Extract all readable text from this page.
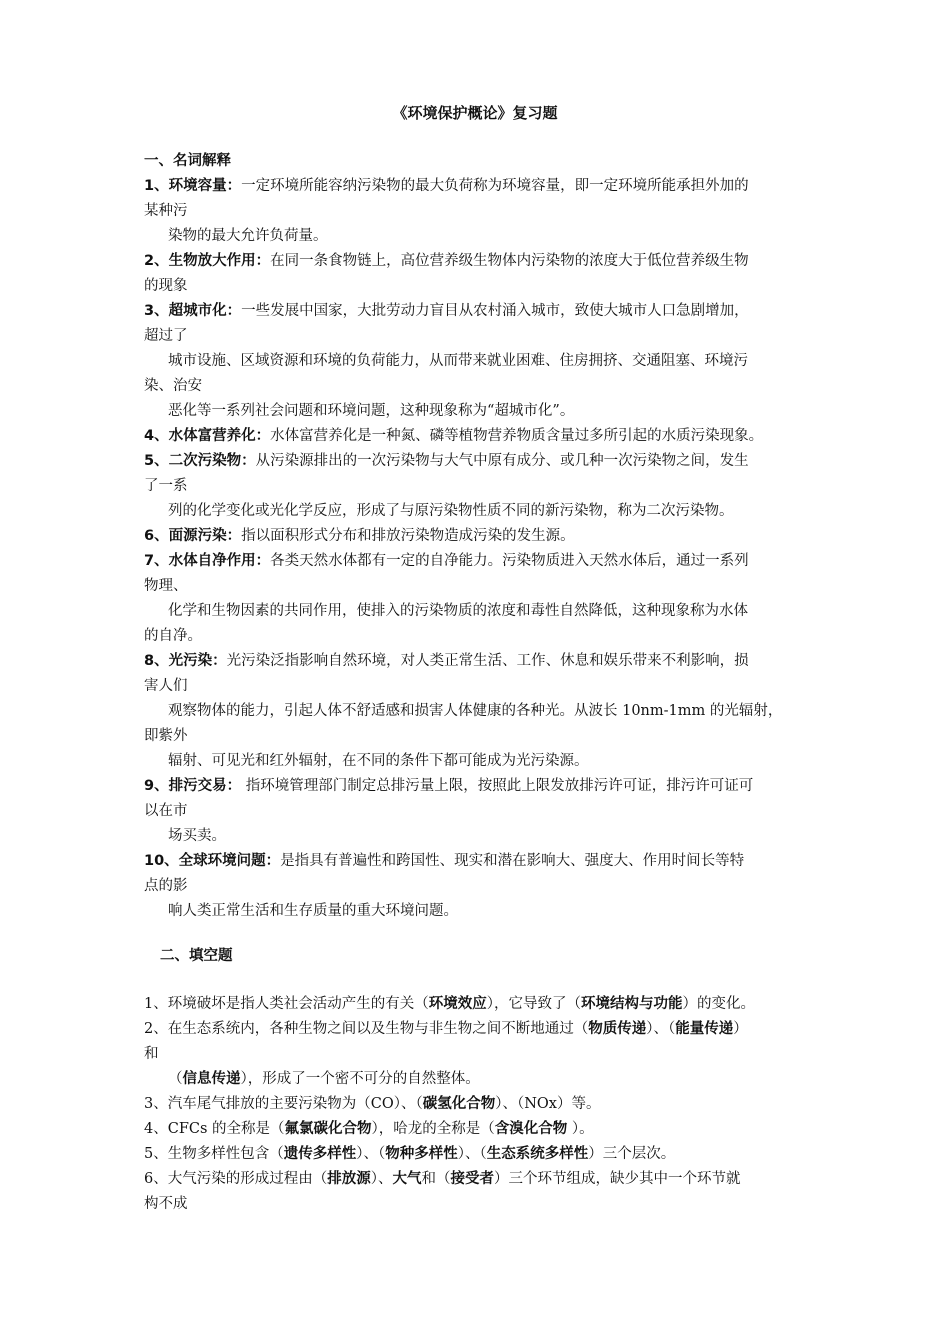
《环境保护概论》复习题
一、名词解释
1、环境容量：一定环境所能容纳污染物的最大负荷称为环境容量，即一定环境所能承担外加的
某种污
染物的最大允许负荷量。
2、生物放大作用：在同一条食物链上，高位营养级生物体内污染物的浓度大于低位营养级生物
的现象
3、超城市化：一些发展中国家，大批劳动力盲目从农村涌入城市，致使大城市人口急剧增加，
超过了
城市设施、区域资源和环境的负荷能力，从而带来就业困难、住房拥挤、交通阻塞、环境污
染、治安
恶化等一系列社会问题和环境问题，这种现象称为“超城市化”。
4、水体富营养化：水体富营养化是一种氮、磷等植物营养物质含量过多所引起的水质污染现象。
5、二次污染物：从污染源排出的一次污染物与大气中原有成分、或几种一次污染物之间，发生
了一系
列的化学变化或光化学反应，形成了与原污染物性质不同的新污染物，称为二次污染物。
6、面源污染：指以面积形式分布和排放污染物造成污染的发生源。
7、水体自净作用：各类天然水体都有一定的自净能力。污染物质进入天然水体后，通过一系列
物理、
化学和生物因素的共同作用，使排入的污染物质的浓度和毒性自然降低，这种现象称为水体
的自净。
8、光污染：光污染泛指影响自然环境，对人类正常生活、工作、休息和娱乐带来不利影响，损
害人们
观察物体的能力，引起人体不舒适感和损害人体健康的各种光。从波长 10nm-1mm 的光辐射，
即紫外
辐射、可见光和红外辐射，在不同的条件下都可能成为光污染源。
9、排污交易： 指环境管理部门制定总排污量上限，按照此上限发放排污许可证，排污许可证可
以在市
场买卖。
10、全球环境问题：是指具有普遍性和跨国性、现实和潜在影响大、强度大、作用时间长等特
点的影
响人类正常生活和生存质量的重大环境问题。
二、填空题
1、环境破坏是指人类社会活动产生的有关（环境效应），它导致了（环境结构与功能）的变化。
2、在生态系统内，各种生物之间以及生物与非生物之间不断地通过（物质传递）、（能量传递）
和
（信息传递），形成了一个密不可分的自然整体。
3、汽车尾气排放的主要污染物为（CO）、（碳氢化合物）、（NOx）等。
4、CFCs 的全称是（氟氯碳化合物），哈龙的全称是（含溴化合物 ）。
5、生物多样性包含（遗传多样性）、（物种多样性）、（生态系统多样性）三个层次。
6、大气污染的形成过程由（排放源）、大气和（接受者）三个环节组成，缺少其中一个环节就
构不成
